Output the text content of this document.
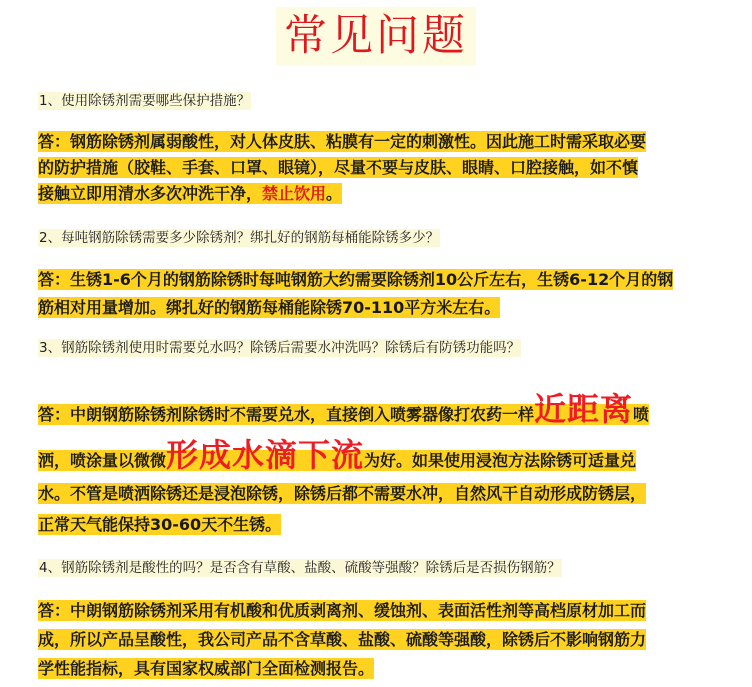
常见问题
1、使用除锈剂需要哪些保护措施？
答：钢筋除锈剂属弱酸性，对人体皮肤、粘膜有一定的刺激性。因此施工时需采取必要
的防护措施（胶鞋、手套、口罩、眼镜），尽量不要与皮肤、眼睛、口腔接触，如不慎
接触立即用清水多次冲洗干净，禁止饮用。
2、每吨钢筋除锈需要多少除锈剂？绑扎好的钢筋每桶能除锈多少？
答：生锈1-6个月的钢筋除锈时每吨钢筋大约需要除锈剂10公斤左右，生锈6-12个月的钢
筋相对用量增加。绑扎好的钢筋每桶能除锈70-110平方米左右。
3、钢筋除锈剂使用时需要兑水吗？除锈后需要水冲洗吗？除锈后有防锈功能吗？
答：中朗钢筋除锈剂除锈时不需要兑水，直接倒入喷雾器像打农药一样近距离喷
洒，喷涂量以微微形成水滴下流为好。如果使用浸泡方法除锈可适量兑
水。不管是喷洒除锈还是浸泡除锈，除锈后都不需要水冲，自然风干自动形成防锈层，
正常天气能保持30-60天不生锈。
4、钢筋除锈剂是酸性的吗？是否含有草酸、盐酸、硫酸等强酸？除锈后是否损伤钢筋？
答：中朗钢筋除锈剂采用有机酸和优质剥离剂、缓蚀剂、表面活性剂等高档原材加工而
成，所以产品呈酸性，我公司产品不含草酸、盐酸、硫酸等强酸，除锈后不影响钢筋力
学性能指标，具有国家权威部门全面检测报告。
